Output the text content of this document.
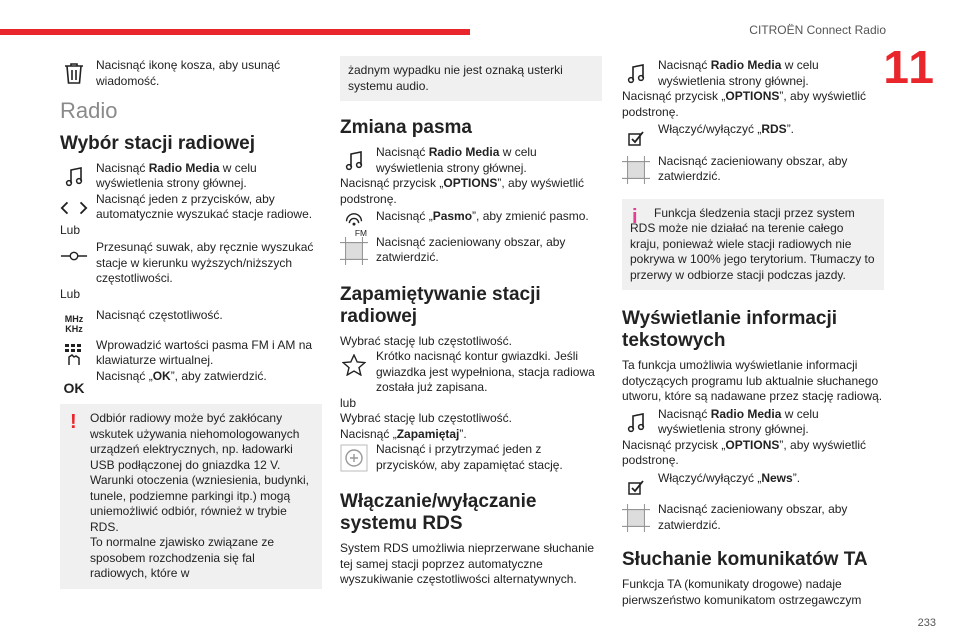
CITROËN Connect Radio
11
233

Nacisnąć ikonę kosza, aby usunąć wiadomość.

Radio
Wybór stacji radiowej

Nacisnąć Radio Media w celu wyświetlenia strony głównej.

Nacisnąć jeden z przycisków, aby automatycznie wyszukać stacje radiowe.

Lub

Przesunąć suwak, aby ręcznie wyszukać stacje w kierunku wyższych/niższych częstotliwości.

Lub

MHz
KHz

Nacisnąć częstotliwość.

Wprowadzić wartości pasma FM i AM na klawiaturze wirtualnej.

OK

Nacisnąć „OK”, aby zatwierdzić.

!	Odbiór radiowy może być zakłócany wskutek używania niehomologowanych urządzeń elektrycznych, np. ładowarki USB podłączonej do gniazdka 12 V.
Warunki otoczenia (wzniesienia, budynki, tunele, podziemne parkingi itp.) mogą uniemożliwić odbiór, również w trybie RDS.
To normalne zjawisko związane ze sposobem rozchodzenia się fal radiowych, które w

żadnym wypadku nie jest oznaką usterki systemu audio.

Zmiana pasma

Nacisnąć Radio Media w celu wyświetlenia strony głównej.

Nacisnąć przycisk „OPTIONS”, aby wyświetlić podstronę.

FM

Nacisnąć „Pasmo”, aby zmienić pasmo.

Nacisnąć zacieniowany obszar, aby zatwierdzić.

Zapamiętywanie stacji radiowej

Wybrać stację lub częstotliwość.

Krótko nacisnąć kontur gwiazdki. Jeśli gwiazdka jest wypełniona, stacja radiowa została już zapisana.

lub

Wybrać stację lub częstotliwość.

Nacisnąć „Zapamiętaj”.

Nacisnąć i przytrzymać jeden z przycisków, aby zapamiętać stację.

Włączanie/wyłączanie systemu RDS

System RDS umożliwia nieprzerwane słuchanie tej samej stacji poprzez automatyczne wyszukiwanie częstotliwości alternatywnych.

Nacisnąć Radio Media w celu wyświetlenia strony głównej.

Nacisnąć przycisk „OPTIONS”, aby wyświetlić podstronę.

Włączyć/wyłączyć „RDS”.

Nacisnąć zacieniowany obszar, aby zatwierdzić.

i	Funkcja śledzenia stacji przez system RDS może nie działać na terenie całego kraju, ponieważ wiele stacji radiowych nie pokrywa w 100% jego terytorium. Tłumaczy to przerwy w odbiorze stacji podczas jazdy.

Wyświetlanie informacji tekstowych

Ta funkcja umożliwia wyświetlanie informacji dotyczących programu lub aktualnie słuchanego utworu, które są nadawane przez stację radiową.

Nacisnąć Radio Media w celu wyświetlenia strony głównej.

Nacisnąć przycisk „OPTIONS”, aby wyświetlić podstronę.

Włączyć/wyłączyć „News”.

Nacisnąć zacieniowany obszar, aby zatwierdzić.

Słuchanie komunikatów TA

Funkcja TA (komunikaty drogowe) nadaje pierwszeństwo komunikatom ostrzegawczym
